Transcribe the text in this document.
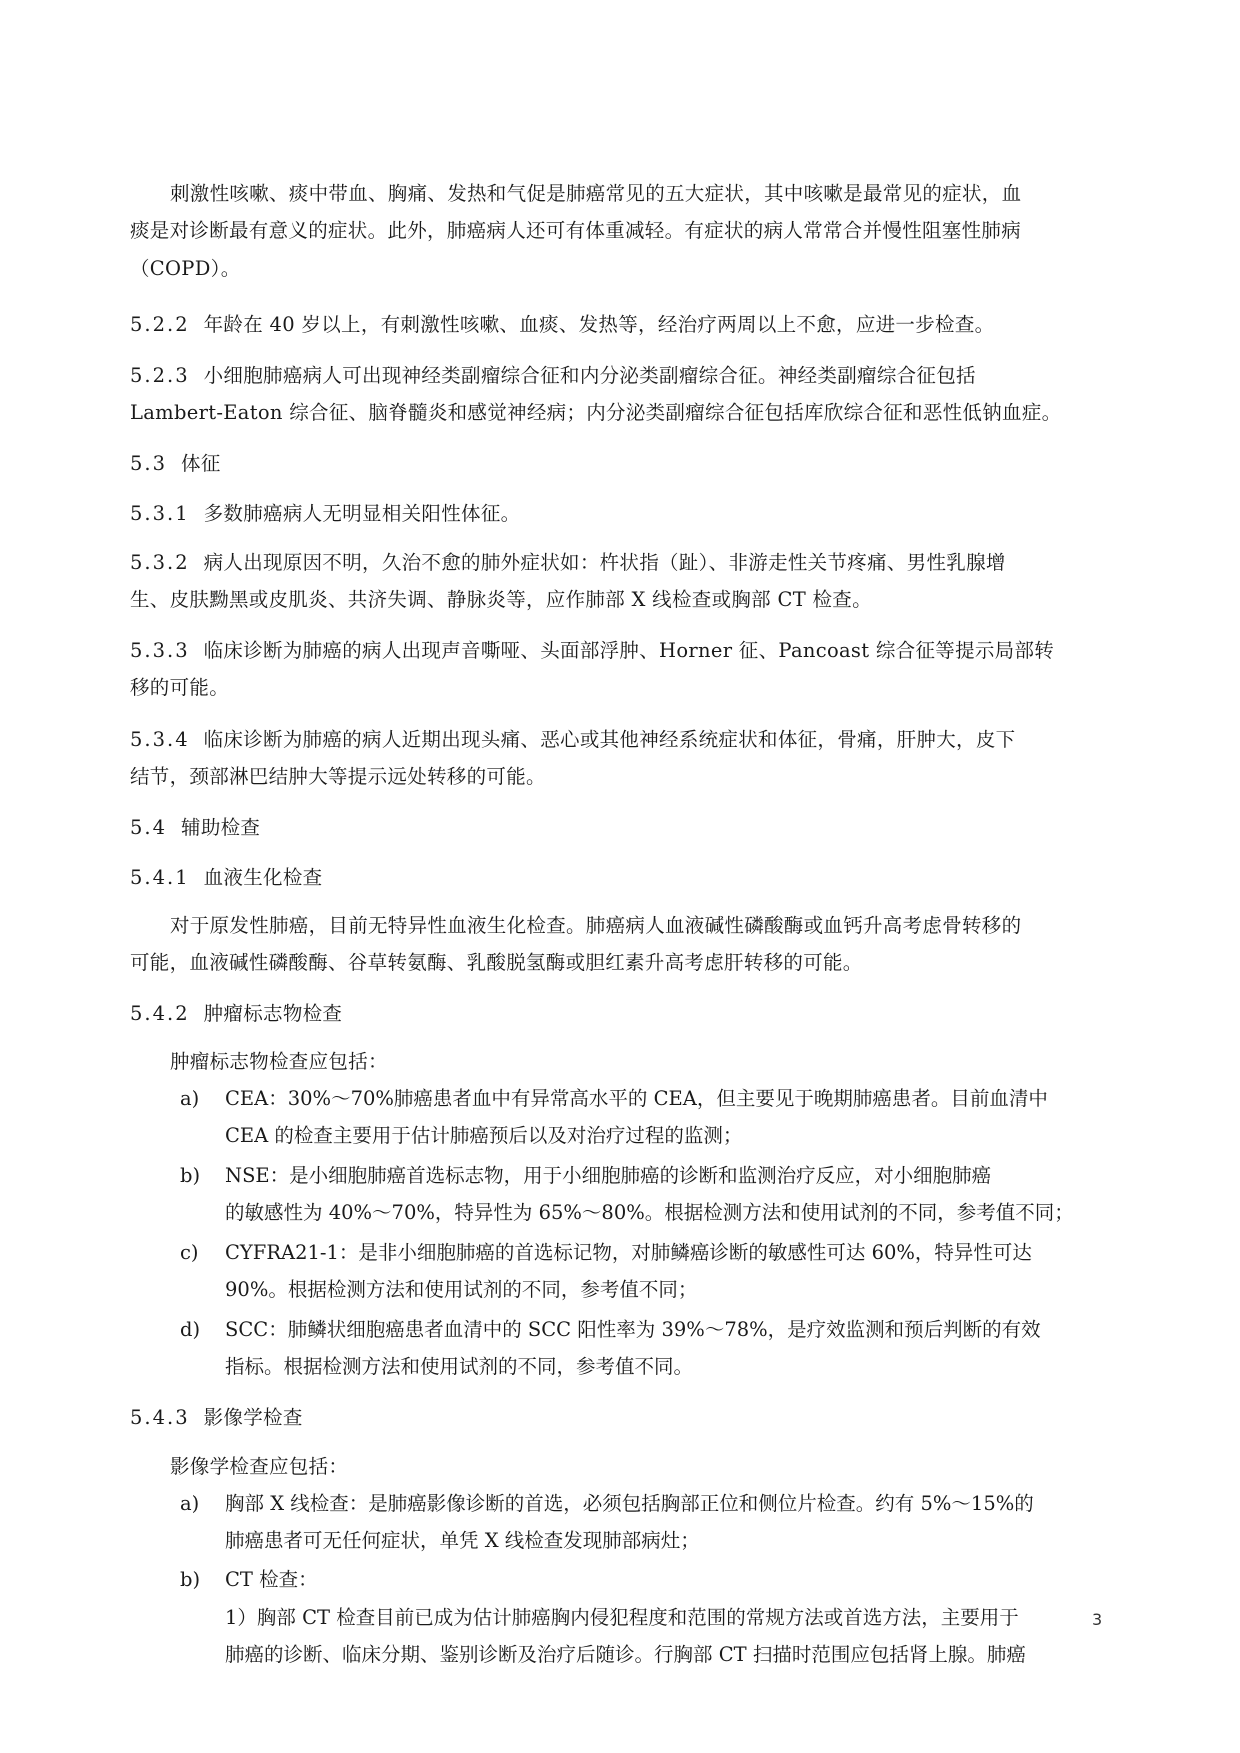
刺激性咳嗽、痰中带血、胸痛、发热和气促是肺癌常见的五大症状，其中咳嗽是最常见的症状，血
痰是对诊断最有意义的症状。此外，肺癌病人还可有体重减轻。有症状的病人常常合并慢性阻塞性肺病
（COPD）。
5.2.2 年龄在 40 岁以上，有刺激性咳嗽、血痰、发热等，经治疗两周以上不愈，应进一步检查。
5.2.3 小细胞肺癌病人可出现神经类副瘤综合征和内分泌类副瘤综合征。神经类副瘤综合征包括
Lambert-Eaton 综合征、脑脊髓炎和感觉神经病；内分泌类副瘤综合征包括库欣综合征和恶性低钠血症。
5.3 体征
5.3.1 多数肺癌病人无明显相关阳性体征。
5.3.2 病人出现原因不明，久治不愈的肺外症状如：杵状指（趾）、非游走性关节疼痛、男性乳腺增
生、皮肤黝黑或皮肌炎、共济失调、静脉炎等，应作肺部 X 线检查或胸部 CT 检查。
5.3.3 临床诊断为肺癌的病人出现声音嘶哑、头面部浮肿、Horner 征、Pancoast 综合征等提示局部转
移的可能。
5.3.4 临床诊断为肺癌的病人近期出现头痛、恶心或其他神经系统症状和体征，骨痛，肝肿大，皮下
结节，颈部淋巴结肿大等提示远处转移的可能。
5.4 辅助检查
5.4.1 血液生化检查
对于原发性肺癌，目前无特异性血液生化检查。肺癌病人血液碱性磷酸酶或血钙升高考虑骨转移的
可能，血液碱性磷酸酶、谷草转氨酶、乳酸脱氢酶或胆红素升高考虑肝转移的可能。
5.4.2 肿瘤标志物检查
肿瘤标志物检查应包括：
a)	CEA：30%～70%肺癌患者血中有异常高水平的 CEA，但主要见于晚期肺癌患者。目前血清中
CEA 的检查主要用于估计肺癌预后以及对治疗过程的监测；
b)	NSE：是小细胞肺癌首选标志物，用于小细胞肺癌的诊断和监测治疗反应，对小细胞肺癌
的敏感性为 40%～70%，特异性为 65%～80%。根据检测方法和使用试剂的不同，参考值不同；
c)	CYFRA21-1：是非小细胞肺癌的首选标记物，对肺鳞癌诊断的敏感性可达 60%，特异性可达
90%。根据检测方法和使用试剂的不同，参考值不同；
d)	SCC：肺鳞状细胞癌患者血清中的 SCC 阳性率为 39%～78%，是疗效监测和预后判断的有效
指标。根据检测方法和使用试剂的不同，参考值不同。
5.4.3 影像学检查
影像学检查应包括：
a)	胸部 X 线检查：是肺癌影像诊断的首选，必须包括胸部正位和侧位片检查。约有 5%～15%的
肺癌患者可无任何症状，单凭 X 线检查发现肺部病灶；
b)	CT 检查：
1）胸部 CT 检查目前已成为估计肺癌胸内侵犯程度和范围的常规方法或首选方法，主要用于
肺癌的诊断、临床分期、鉴别诊断及治疗后随诊。行胸部 CT 扫描时范围应包括肾上腺。肺癌
3
